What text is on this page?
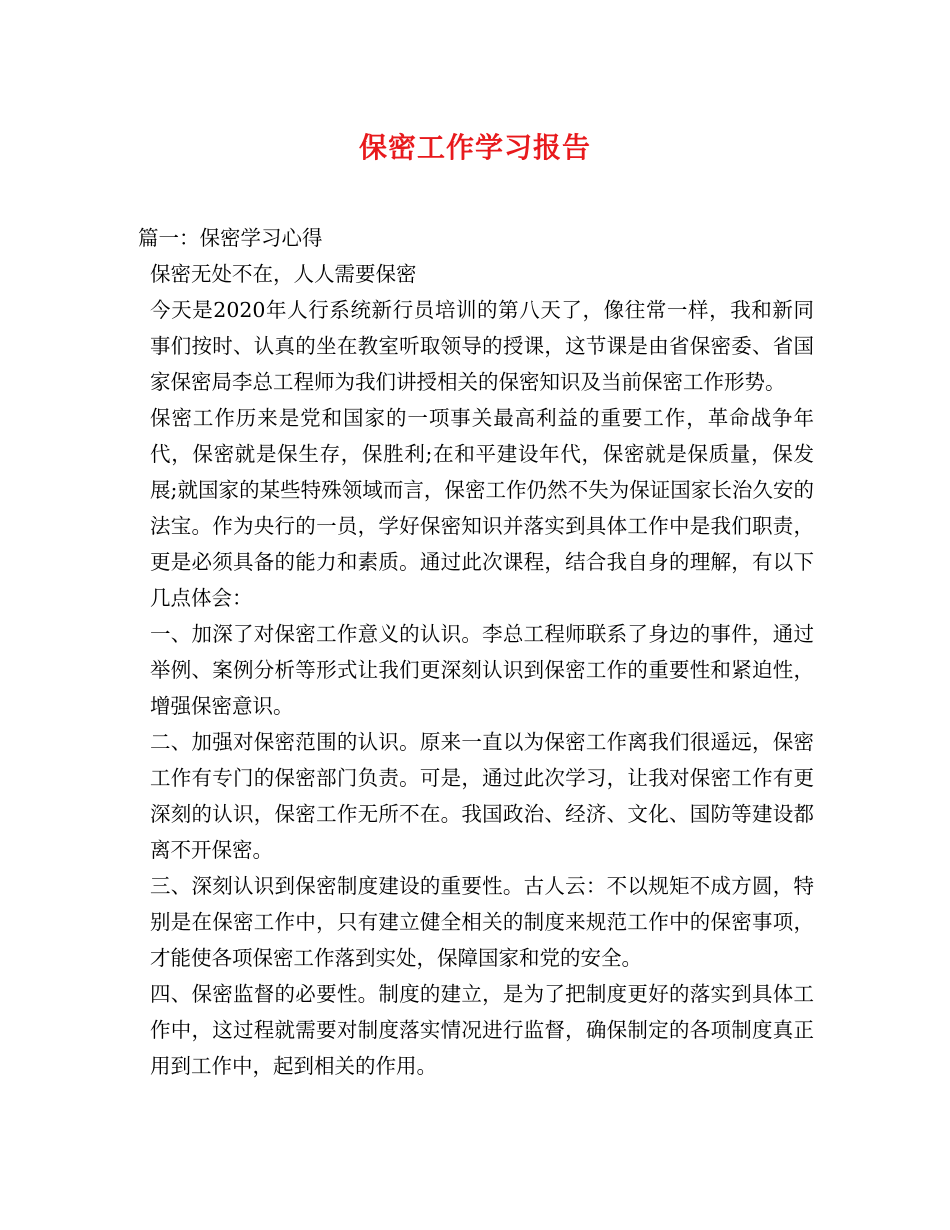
保密工作学习报告

篇一：保密学习心得

保密无处不在，人人需要保密

今天是2020年人行系统新行员培训的第八天了，像往常一样，我和新同事们按时、认真的坐在教室听取领导的授课，这节课是由省保密委、省国家保密局李总工程师为我们讲授相关的保密知识及当前保密工作形势。

保密工作历来是党和国家的一项事关最高利益的重要工作，革命战争年代，保密就是保生存，保胜利;在和平建设年代，保密就是保质量，保发展;就国家的某些特殊领域而言，保密工作仍然不失为保证国家长治久安的法宝。作为央行的一员，学好保密知识并落实到具体工作中是我们职责，更是必须具备的能力和素质。通过此次课程，结合我自身的理解，有以下几点体会：

一、加深了对保密工作意义的认识。李总工程师联系了身边的事件，通过举例、案例分析等形式让我们更深刻认识到保密工作的重要性和紧迫性，增强保密意识。

二、加强对保密范围的认识。原来一直以为保密工作离我们很遥远，保密工作有专门的保密部门负责。可是，通过此次学习，让我对保密工作有更深刻的认识，保密工作无所不在。我国政治、经济、文化、国防等建设都离不开保密。

三、深刻认识到保密制度建设的重要性。古人云：不以规矩不成方圆，特别是在保密工作中，只有建立健全相关的制度来规范工作中的保密事项，才能使各项保密工作落到实处，保障国家和党的安全。

四、保密监督的必要性。制度的建立，是为了把制度更好的落实到具体工作中，这过程就需要对制度落实情况进行监督，确保制定的各项制度真正用到工作中，起到相关的作用。
